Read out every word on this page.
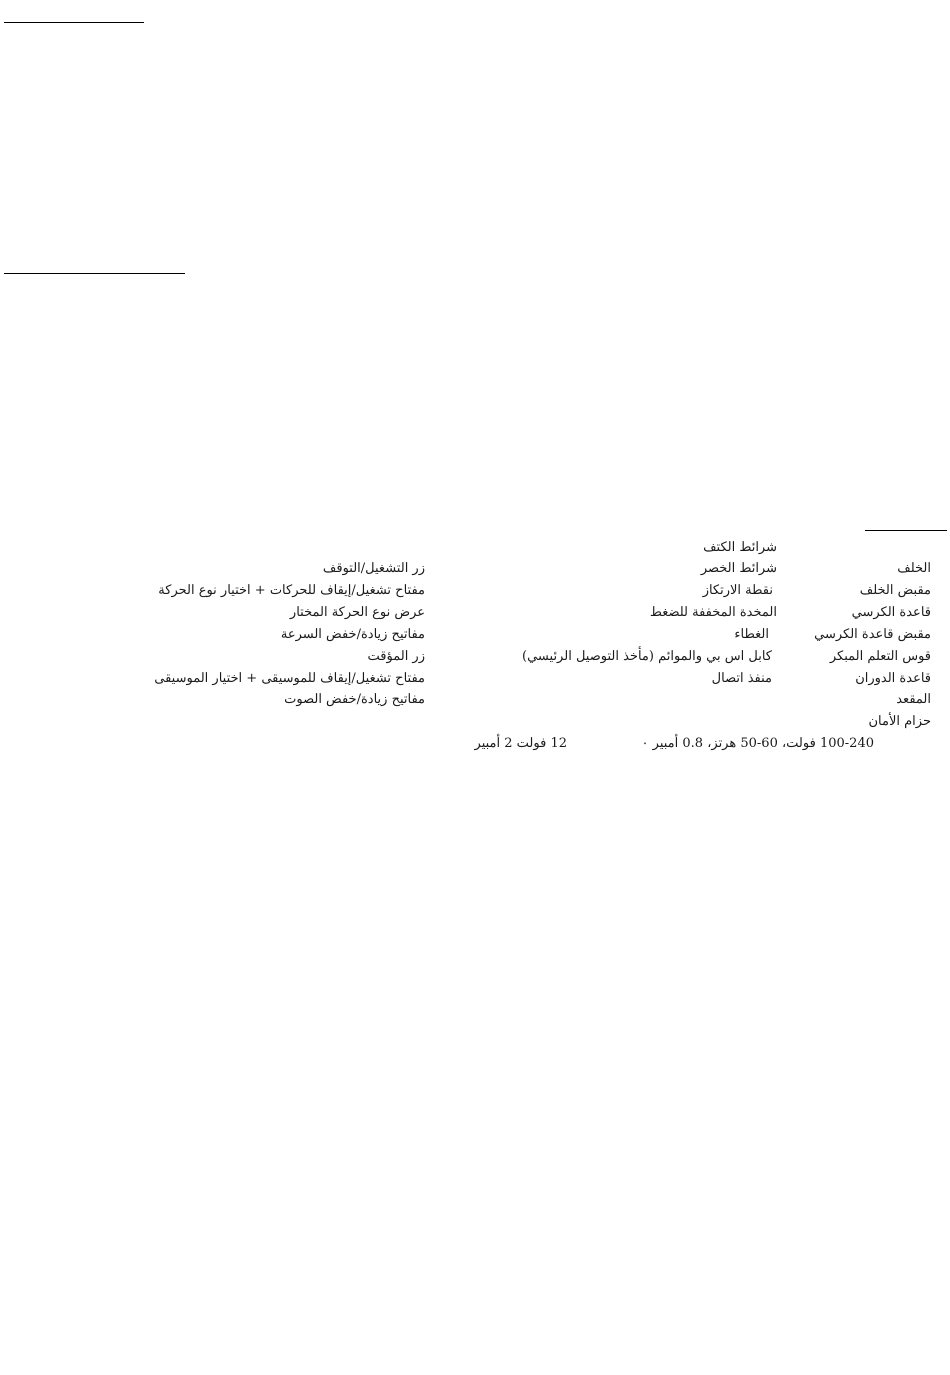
الخلف
مقبض الخلف
قاعدة الكرسي
مقبض قاعدة الكرسي
قوس التعلم المبكر
قاعدة الدوران
المقعد
حزام الأمان
شرائط الكتف
شرائط الخصر
نقطة الارتكاز
المخدة المخففة للضغط
الغطاء
كابل اس بي والموائم (مأخذ التوصيل الرئيسي)
منفذ اتصال
زر التشغيل/التوقف
مفتاح تشغيل/إيقاف للحركات + اختيار نوع الحركة
عرض نوع الحركة المختار
مفاتيح زيادة/خفض السرعة
زر المؤقت
مفتاح تشغيل/إيقاف للموسيقى + اختيار الموسيقى
مفاتيح زيادة/خفض الصوت
100-240 فولت، 60-50 هرتز، 0.8 أمبير ٠
12 فولت 2 أمبير
